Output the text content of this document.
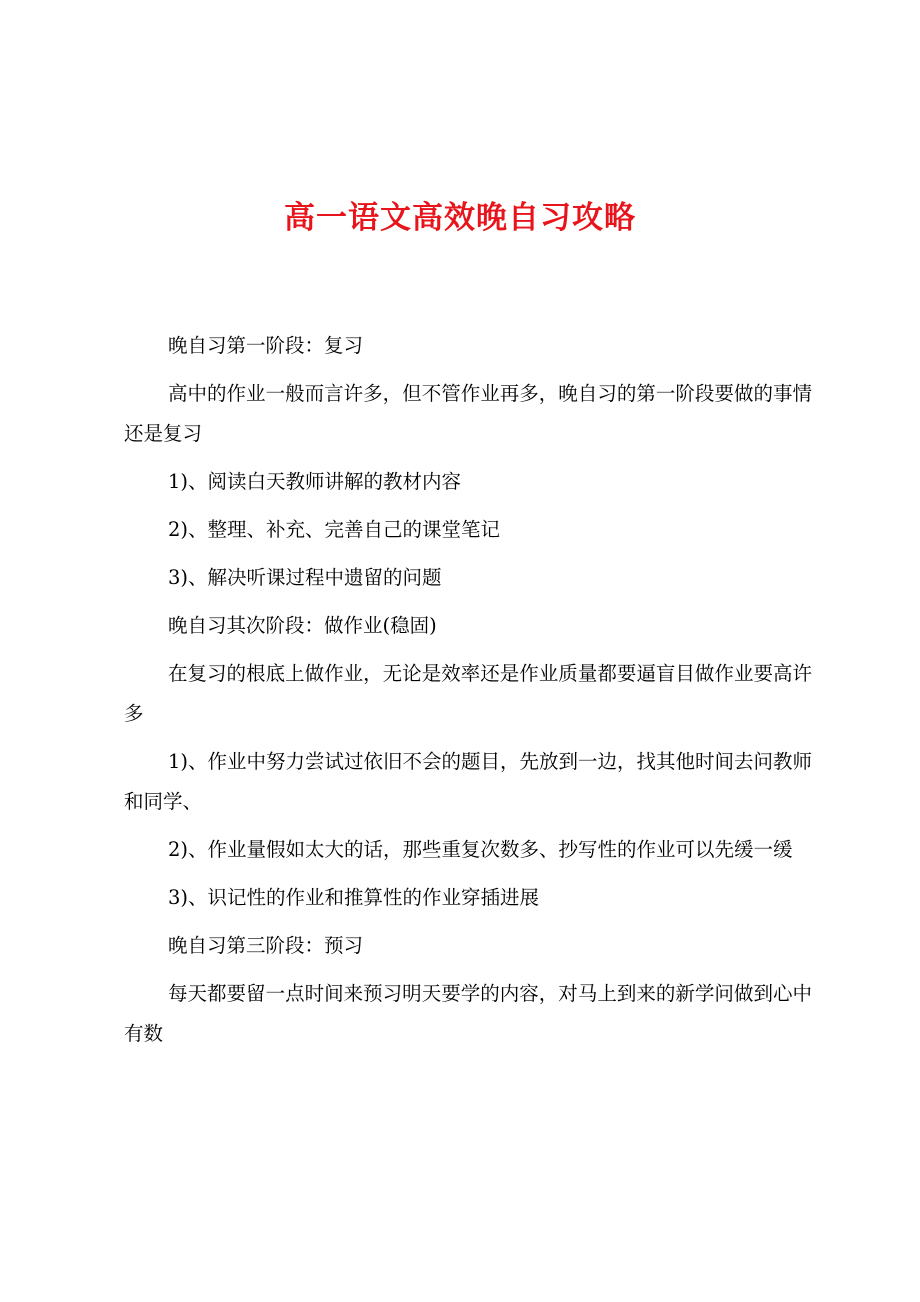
高一语文高效晚自习攻略

晚自习第一阶段：复习

高中的作业一般而言许多，但不管作业再多，晚自习的第一阶段要做的事情还是复习

1)、阅读白天教师讲解的教材内容

2)、整理、补充、完善自己的课堂笔记

3)、解决听课过程中遗留的问题

晚自习其次阶段：做作业(稳固)

在复习的根底上做作业，无论是效率还是作业质量都要逼盲目做作业要高许多

1)、作业中努力尝试过依旧不会的题目，先放到一边，找其他时间去问教师和同学、

2)、作业量假如太大的话，那些重复次数多、抄写性的作业可以先缓一缓

3)、识记性的作业和推算性的作业穿插进展

晚自习第三阶段：预习

每天都要留一点时间来预习明天要学的内容，对马上到来的新学问做到心中有数
